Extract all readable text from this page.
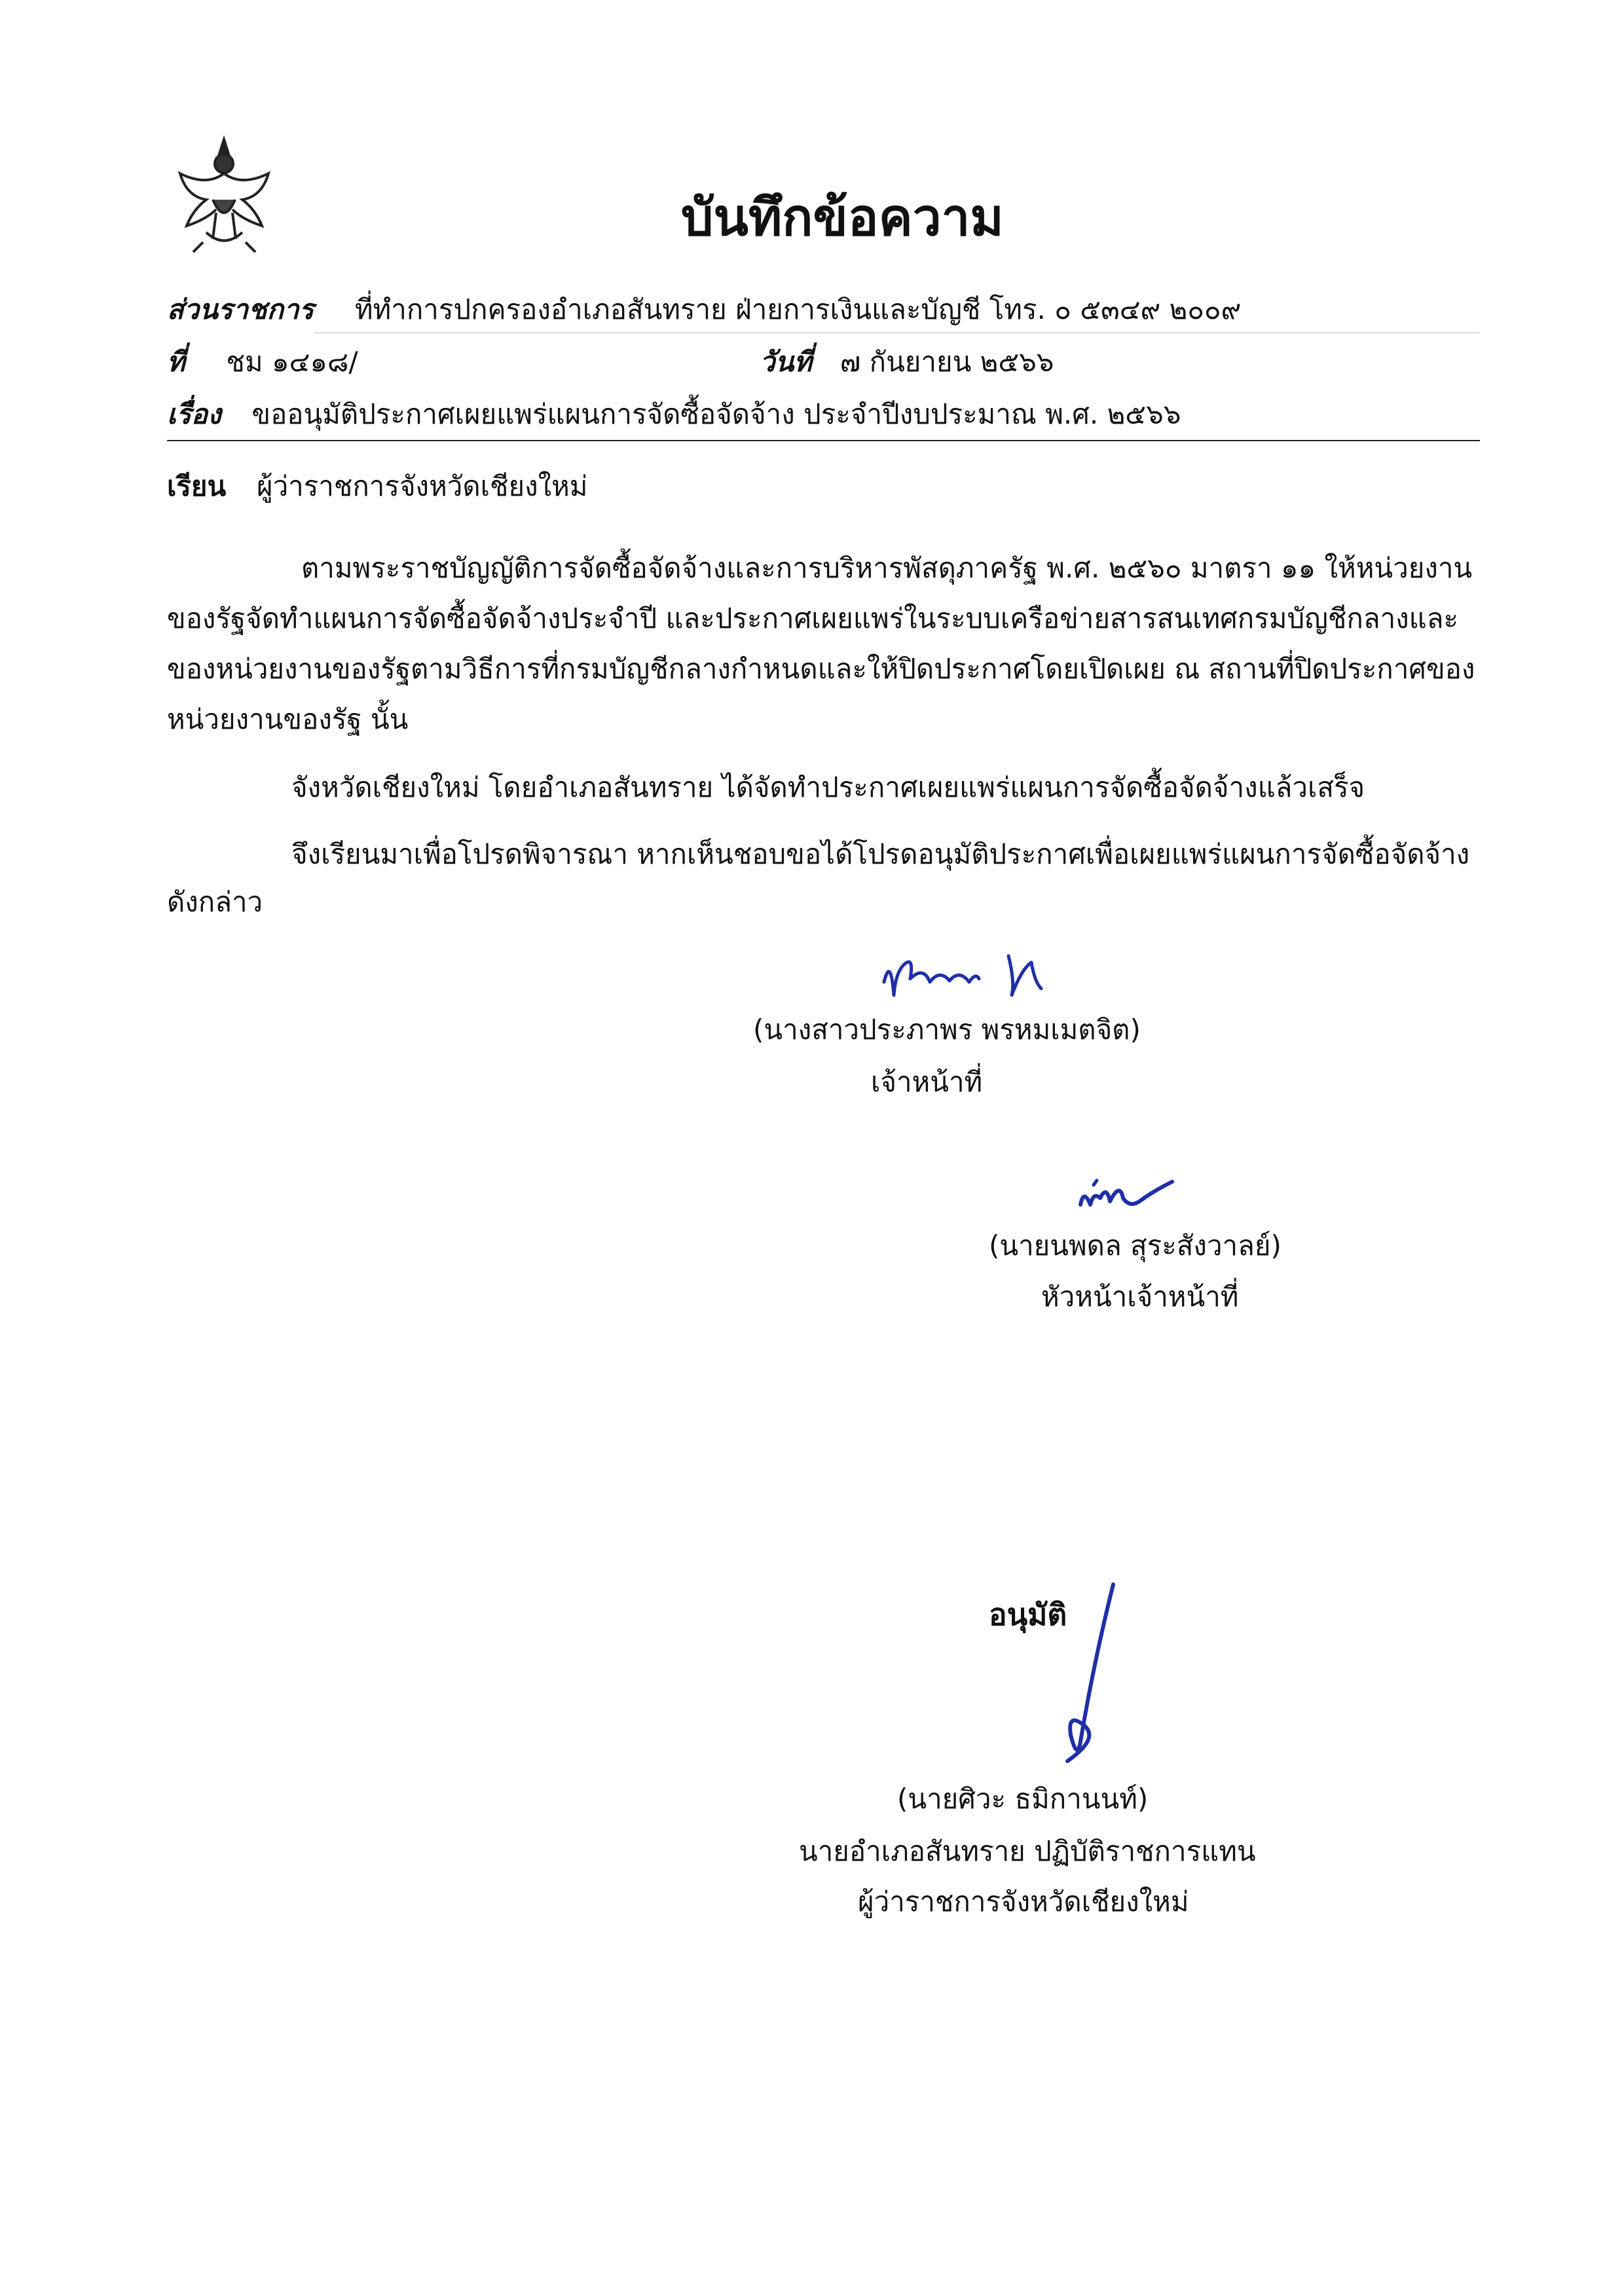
บันทึกข้อความ
ส่วนราชการ ที่ทำการปกครองอำเภอสันทราย ฝ่ายการเงินและบัญชี โทร. ๐ ๕๓๔๙ ๒๐๐๙
ที่ ชม ๑๔๑๘/	วันที่ ๗ กันยายน ๒๕๖๖
เรื่อง ขออนุมัติประกาศเผยแพร่แผนการจัดซื้อจัดจ้าง ประจำปีงบประมาณ พ.ศ. ๒๕๖๖
เรียน ผู้ว่าราชการจังหวัดเชียงใหม่
ตามพระราชบัญญัติการจัดซื้อจัดจ้างและการบริหารพัสดุภาครัฐ พ.ศ. ๒๕๖๐ มาตรา ๑๑ ให้หน่วยงาน
ของรัฐจัดทำแผนการจัดซื้อจัดจ้างประจำปี และประกาศเผยแพร่ในระบบเครือข่ายสารสนเทศกรมบัญชีกลางและ
ของหน่วยงานของรัฐตามวิธีการที่กรมบัญชีกลางกำหนดและให้ปิดประกาศโดยเปิดเผย ณ สถานที่ปิดประกาศของ
หน่วยงานของรัฐ นั้น
จังหวัดเชียงใหม่ โดยอำเภอสันทราย ได้จัดทำประกาศเผยแพร่แผนการจัดซื้อจัดจ้างแล้วเสร็จ
จึงเรียนมาเพื่อโปรดพิจารณา หากเห็นชอบขอได้โปรดอนุมัติประกาศเพื่อเผยแพร่แผนการจัดซื้อจัดจ้าง
ดังกล่าว
(นางสาวประภาพร พรหมเมตจิต)
เจ้าหน้าที่
(นายนพดล สุระสังวาลย์)
หัวหน้าเจ้าหน้าที่
อนุมัติ
(นายศิวะ ธมิกานนท์)
นายอำเภอสันทราย ปฏิบัติราชการแทน
ผู้ว่าราชการจังหวัดเชียงใหม่
